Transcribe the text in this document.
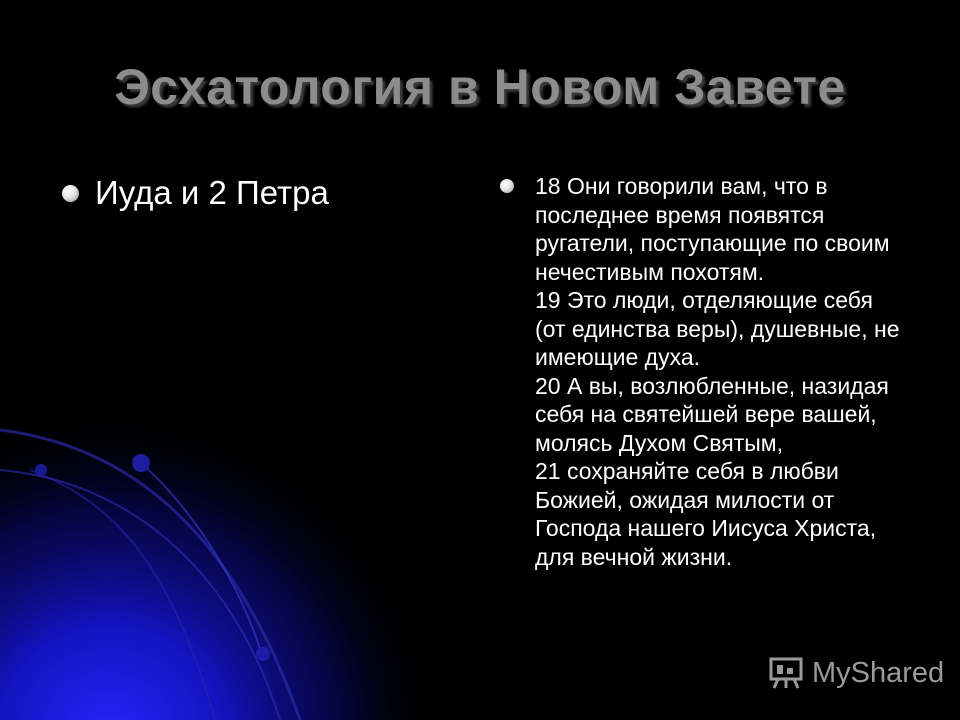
Эсхатология в Новом Завете
Иуда и 2 Петра	18 Они говорили вам, что в последнее время появятся ругатели, поступающие по своим нечестивым похотям.
19 Это люди, отделяющие себя (от единства веры), душевные, не имеющие духа.
20 А вы, возлюбленные, назидая себя на святейшей вере вашей, молясь Духом Святым,
21 сохраняйте себя в любви Божией, ожидая милости от Господа нашего Иисуса Христа, для вечной жизни.
MyShared
